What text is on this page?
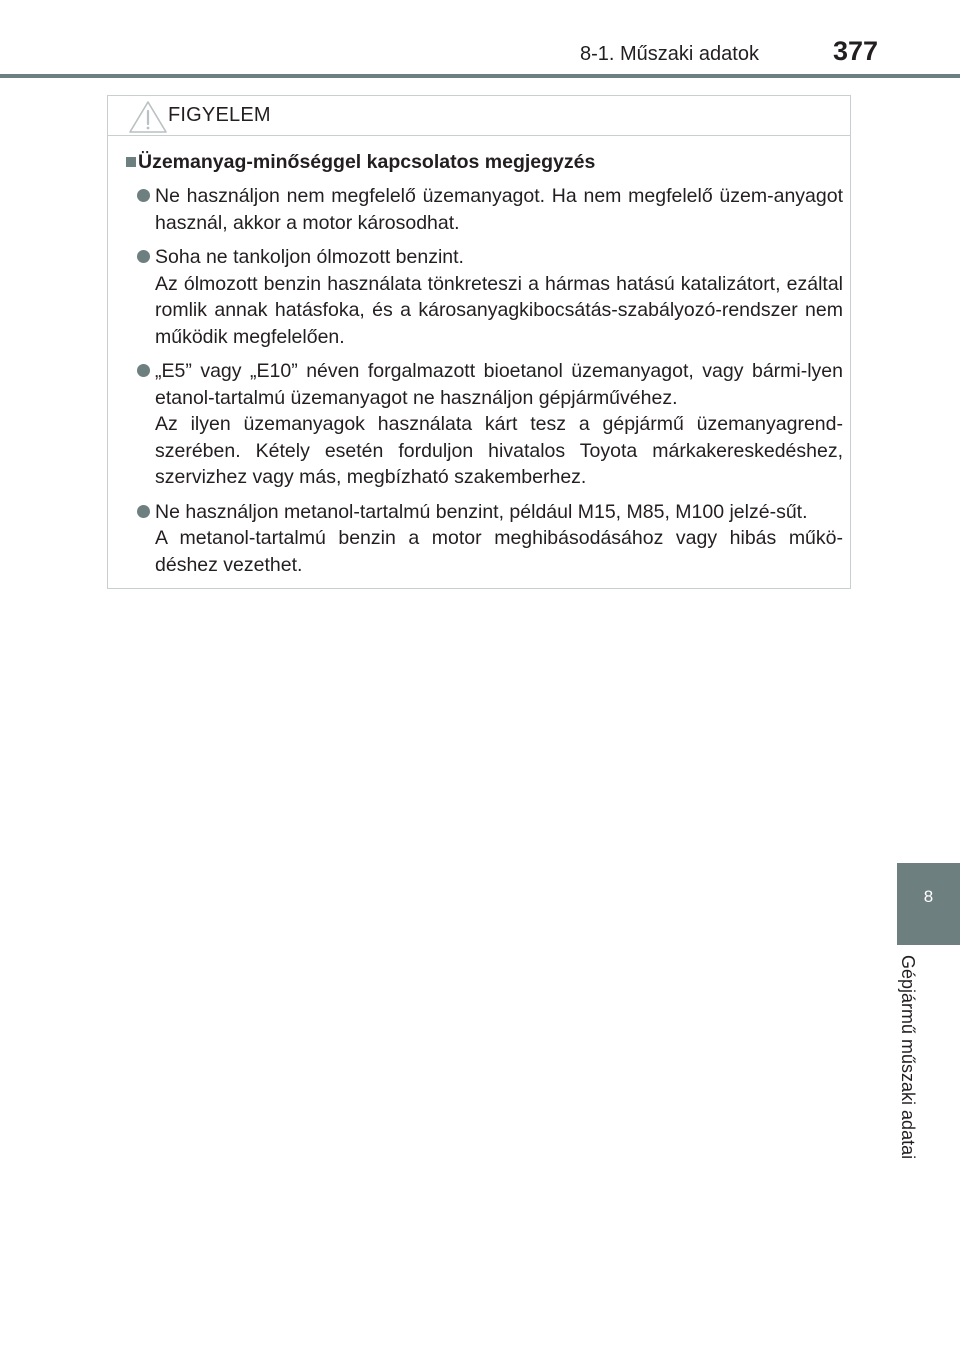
8-1. Műszaki adatok	377
FIGYELEM
Üzemanyag-minőséggel kapcsolatos megjegyzés

Ne használjon nem megfelelő üzemanyagot. Ha nem megfelelő üzem-anyagot használ, akkor a motor károsodhat.

Soha ne tankoljon ólmozott benzint.

Az ólmozott benzin használata tönkreteszi a hármas hatású katalizátort, ezáltal romlik annak hatásfoka, és a károsanyagkibocsátás-szabályozó-rendszer nem működik megfelelően.

„E5” vagy „E10” néven forgalmazott bioetanol üzemanyagot, vagy bármi-lyen etanol-tartalmú üzemanyagot ne használjon gépjárművéhez.

Az ilyen üzemanyagok használata kárt tesz a gépjármű üzemanyagrend-szerében. Kétely esetén forduljon hivatalos Toyota márkakereskedéshez, szervizhez vagy más, megbízható szakemberhez.

Ne használjon metanol-tartalmú benzint, például M15, M85, M100 jelzé-sűt.

A metanol-tartalmú benzin a motor meghibásodásához vagy hibás műkö-déshez vezethet.

8
Gépjármű műszaki adatai
